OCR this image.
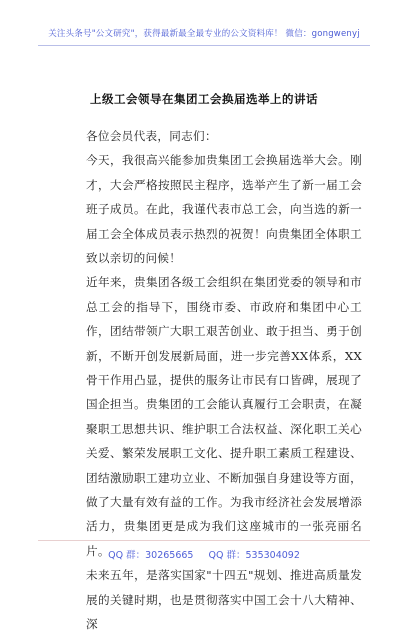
关注头条号"公文研究"，获得最新最全最专业的公文资料库！ 微信：gongwenyj
上级工会领导在集团工会换届选举上的讲话
各位会员代表，同志们：
今天，我很高兴能参加贵集团工会换届选举大会。刚才，大会严格按照民主程序，选举产生了新一届工会班子成员。在此，我谨代表市总工会，向当选的新一届工会全体成员表示热烈的祝贺！向贵集团全体职工致以亲切的问候！
近年来，贵集团各级工会组织在集团党委的领导和市总工会的指导下，围绕市委、市政府和集团中心工作，团结带领广大职工艰苦创业、敢于担当、勇于创新，不断开创发展新局面，进一步完善XX体系，XX骨干作用凸显，提供的服务让市民有口皆碑，展现了国企担当。贵集团的工会能认真履行工会职责，在凝聚职工思想共识、维护职工合法权益、深化职工关心关爱、繁荣发展职工文化、提升职工素质工程建设、团结激励职工建功立业、不断加强自身建设等方面，做了大量有效有益的工作。为我市经济社会发展增添活力，贵集团更是成为我们这座城市的一张亮丽名片。
未来五年，是落实国家"十四五"规划、推进高质量发展的关键时期，也是贯彻落实中国工会十八大精神、深
QQ 群：30265665 QQ 群：535304092
